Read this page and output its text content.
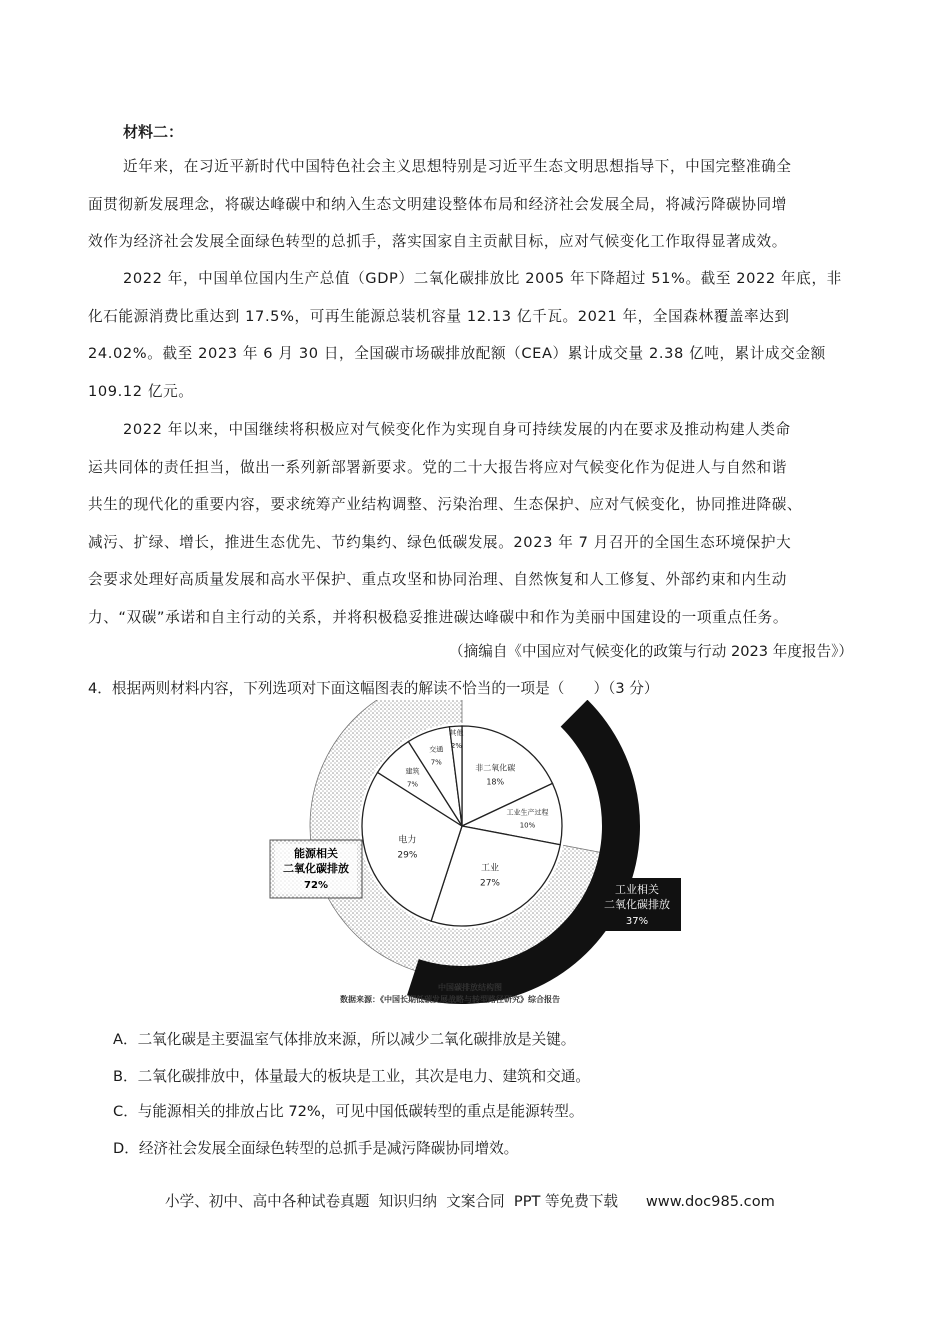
材料二：

近年来，在习近平新时代中国特色社会主义思想特别是习近平生态文明思想指导下，中国完整准确全
面贯彻新发展理念，将碳达峰碳中和纳入生态文明建设整体布局和经济社会发展全局，将减污降碳协同增
效作为经济社会发展全面绿色转型的总抓手，落实国家自主贡献目标，应对气候变化工作取得显著成效。

2022 年，中国单位国内生产总值（GDP）二氧化碳排放比 2005 年下降超过 51%。截至 2022 年底，非
化石能源消费比重达到 17.5%，可再生能源总装机容量 12.13 亿千瓦。2021 年，全国森林覆盖率达到
24.02%。截至 2023 年 6 月 30 日，全国碳市场碳排放配额（CEA）累计成交量 2.38 亿吨，累计成交金额
109.12 亿元。

2022 年以来，中国继续将积极应对气候变化作为实现自身可持续发展的内在要求及推动构建人类命
运共同体的责任担当，做出一系列新部署新要求。党的二十大报告将应对气候变化作为促进人与自然和谐
共生的现代化的重要内容，要求统筹产业结构调整、污染治理、生态保护、应对气候变化，协同推进降碳、
减污、扩绿、增长，推进生态优先、节约集约、绿色低碳发展。2023 年 7 月召开的全国生态环境保护大
会要求处理好高质量发展和高水平保护、重点攻坚和协同治理、自然恢复和人工修复、外部约束和内生动
力、“双碳”承诺和自主行动的关系，并将积极稳妥推进碳达峰碳中和作为美丽中国建设的一项重点任务。

（摘编自《中国应对气候变化的政策与行动 2023 年度报告》）
4．根据两则材料内容，下列选项对下面这幅图表的解读不恰当的一项是（　　）（3 分）
非二氧化碳
18%
工业生产过程
10%
工业
27%
电力
29%
建筑
7%
交通
7%
其他
2%
能源相关
二氧化碳排放
72%	工业相关
二氧化碳排放
37%
中国碳排放结构图
数据来源：《中国长期低碳发展战略与转型路径研究》综合报告
A．二氧化碳是主要温室气体排放来源，所以减少二氧化碳排放是关键。
B．二氧化碳排放中，体量最大的板块是工业，其次是电力、建筑和交通。
C．与能源相关的排放占比 72%，可见中国低碳转型的重点是能源转型。
D．经济社会发展全面绿色转型的总抓手是减污降碳协同增效。
小学、初中、高中各种试卷真题  知识归纳  文案合同  PPT 等免费下载      www.doc985.com
